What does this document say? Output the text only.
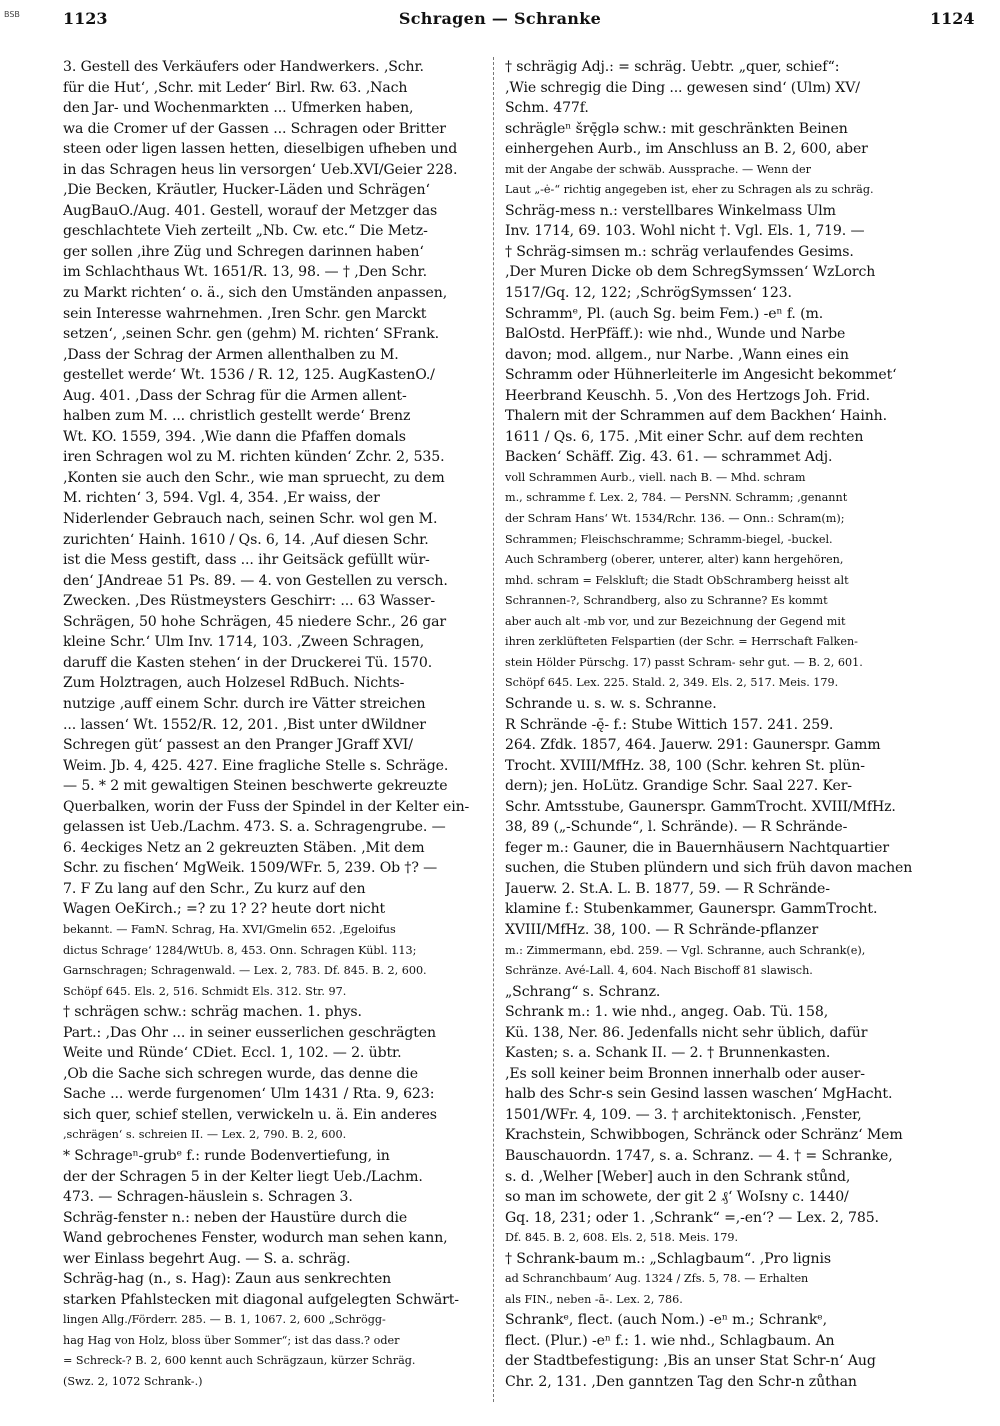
BSB	1123	Schragen — Schranke	1124
3. Gestell des Verkäufers oder Handwerkers. ‚Schr.
für die Hut‘, ‚Schr. mit Leder‘ Birl. Rw. 63. ‚Nach
den Jar- und Wochenmarkten ... Ufmerken haben,
wa die Cromer uf der Gassen ... Schragen oder Britter
steen oder ligen lassen hetten, dieselbigen ufheben und
in das Schragen heus lin versorgen‘ Ueb.XVI/Geier 228.
‚Die Becken, Kräutler, Hucker-Läden und Schrägen‘
AugBauO./Aug. 401. Gestell, worauf der Metzger das
geschlachtete Vieh zerteilt „Nb. Cw. etc.“ Die Metz-
ger sollen ‚ihre Züg und Schregen darinnen haben‘
im Schlachthaus Wt. 1651/R. 13, 98. — † ‚Den Schr.
zu Markt richten‘ o. ä., sich den Umständen anpassen,
sein Interesse wahrnehmen. ‚Iren Schr. gen Marckt
setzen‘, ‚seinen Schr. gen (gehm) M. richten‘ SFrank.
‚Dass der Schrag der Armen allenthalben zu M.
gestellet werde‘ Wt. 1536 / R. 12, 125. AugKastenO./
Aug. 401. ‚Dass der Schrag für die Armen allent-
halben zum M. ... christlich gestellt werde‘ Brenz
Wt. KO. 1559, 394. ‚Wie dann die Pfaffen domals
iren Schragen wol zu M. richten künden‘ Zchr. 2, 535.
‚Konten sie auch den Schr., wie man spruecht, zu dem
M. richten‘ 3, 594. Vgl. 4, 354. ‚Er waiss, der
Niderlender Gebrauch nach, seinen Schr. wol gen M.
zurichten‘ Hainh. 1610 / Qs. 6, 14. ‚Auf diesen Schr.
ist die Mess gestift, dass ... ihr Geitsäck gefüllt wür-
den‘ JAndreae 51 Ps. 89. — 4. von Gestellen zu versch.
Zwecken. ‚Des Rüstmeysters Geschirr: ... 63 Wasser-
Schrägen, 50 hohe Schrägen, 45 niedere Schr., 26 gar
kleine Schr.‘ Ulm Inv. 1714, 103. ‚Zween Schragen,
daruff die Kasten stehen‘ in der Druckerei Tü. 1570.
Zum Holztragen, auch Holzesel RdBuch. Nichts-
nutzige ‚auff einem Schr. durch ire Vätter streichen
... lassen‘ Wt. 1552/R. 12, 201. ‚Bist unter dWildner
Schregen güt‘ passest an den Pranger JGraff XVI/
Weim. Jb. 4, 425. 427. Eine fragliche Stelle s. Schräge.
— 5. * 2 mit gewaltigen Steinen beschwerte gekreuzte
Querbalken, worin der Fuss der Spindel in der Kelter ein-
gelassen ist Ueb./Lachm. 473. S. a. Schragengrube. —
6. 4eckiges Netz an 2 gekreuzten Stäben. ‚Mit dem
Schr. zu fischen‘ MgWeik. 1509/WFr. 5, 239. Ob †? —
7. F Zu lang auf den Schr., Zu kurz auf den
Wagen OeKirch.; =? zu 1? 2? heute dort nicht
bekannt. — FamN. Schrag, Ha. XVI/Gmelin 652. ‚Egeloifus
dictus Schrage‘ 1284/WtUb. 8, 453. Onn. Schragen Kübl. 113;
Garnschragen; Schragenwald. — Lex. 2, 783. Df. 845. B. 2, 600.
Schöpf 645. Els. 2, 516. Schmidt Els. 312. Str. 97.
† schrägen schw.: schräg machen. 1. phys.
Part.: ‚Das Ohr ... in seiner eusserlichen geschrägten
Weite und Ründe‘ CDiet. Eccl. 1, 102. — 2. übtr.
‚Ob die Sache sich schregen wurde, das denne die
Sache ... werde furgenomen‘ Ulm 1431 / Rta. 9, 623:
sich quer, schief stellen, verwickeln u. ä. Ein anderes
‚schrägen‘ s. schreien II. — Lex. 2, 790. B. 2, 600.
* Schrageⁿ-grubᵉ f.: runde Bodenvertiefung, in
der der Schragen 5 in der Kelter liegt Ueb./Lachm.
473. — Schragen-häuslein s. Schragen 3.
Schräg-fenster n.: neben der Haustüre durch die
Wand gebrochenes Fenster, wodurch man sehen kann,
wer Einlass begehrt Aug. — S. a. schräg.
Schräg-hag (n., s. Hag): Zaun aus senkrechten
starken Pfahlstecken mit diagonal aufgelegten Schwärt-
lingen Allg./Förderr. 285. — B. 1, 1067. 2, 600 „Schrögg-
hag Hag von Holz, bloss über Sommer“; ist das dass.? oder
= Schreck-? B. 2, 600 kennt auch Schrägzaun, kürzer Schräg.
(Swz. 2, 1072 Schrank-.)
† schrägig Adj.: = schräg. Uebtr. „quer, schief“:
‚Wie schregig die Ding ... gewesen sind‘ (Ulm) XV/
Schm. 477f.
schrägleⁿ šrę̄glə schw.: mit geschränkten Beinen
einhergehen Aurb., im Anschluss an B. 2, 600, aber
mit der Angabe der schwäb. Aussprache. — Wenn der
Laut „-ė-“ richtig angegeben ist, eher zu Schragen als zu schräg.
Schräg-mess n.: verstellbares Winkelmass Ulm
Inv. 1714, 69. 103. Wohl nicht †. Vgl. Els. 1, 719. —
† Schräg-simsen m.: schräg verlaufendes Gesims.
‚Der Muren Dicke ob dem SchregSymssen‘ WzLorch
1517/Gq. 12, 122; ‚SchrögSymssen‘ 123.
Schrammᵉ, Pl. (auch Sg. beim Fem.) -eⁿ f. (m.
BalOstd. HerPfäff.): wie nhd., Wunde und Narbe
davon; mod. allgem., nur Narbe. ‚Wann eines ein
Schramm oder Hühnerleiterle im Angesicht bekommet‘
Heerbrand Keuschh. 5. ‚Von des Hertzogs Joh. Frid.
Thalern mit der Schrammen auf dem Backhen‘ Hainh.
1611 / Qs. 6, 175. ‚Mit einer Schr. auf dem rechten
Backen‘ Schäff. Zig. 43. 61. — schrammet Adj.
voll Schrammen Aurb., viell. nach B. — Mhd. schram
m., schramme f. Lex. 2, 784. — PersNN. Schramm; ‚genannt
der Schram Hans‘ Wt. 1534/Rchr. 136. — Onn.: Schram(m);
Schrammen; Fleischschramme; Schramm-biegel, -buckel.
Auch Schramberg (oberer, unterer, alter) kann hergehören,
mhd. schram = Felskluft; die Stadt ObSchramberg heisst alt
Schrannen-?, Schrandberg, also zu Schranne? Es kommt
aber auch alt -mb vor, und zur Bezeichnung der Gegend mit
ihren zerklüfteten Felspartien (der Schr. = Herrschaft Falken-
stein Hölder Pürschg. 17) passt Schram- sehr gut. — B. 2, 601.
Schöpf 645. Lex. 225. Stald. 2, 349. Els. 2, 517. Meis. 179.
Schrande u. s. w. s. Schranne.
R Schrände -ę̄- f.: Stube Wittich 157. 241. 259.
264. Zfdk. 1857, 464. Jauerw. 291: Gaunerspr. Gamm
Trocht. XVIII/MfHz. 38, 100 (Schr. kehren St. plün-
dern); jen. HoLütz. Grandige Schr. Saal 227. Ker-
Schr. Amtsstube, Gaunerspr. GammTrocht. XVIII/MfHz.
38, 89 („-Schunde“, l. Schrände). — R Schrände-
feger m.: Gauner, die in Bauernhäusern Nachtquartier
suchen, die Stuben plündern und sich früh davon machen
Jauerw. 2. St.A. L. B. 1877, 59. — R Schrände-
klamine f.: Stubenkammer, Gaunerspr. GammTrocht.
XVIII/MfHz. 38, 100. — R Schrände-pflanzer
m.: Zimmermann, ebd. 259. — Vgl. Schranne, auch Schrank(e),
Schränze. Avé-Lall. 4, 604. Nach Bischoff 81 slawisch.
„Schrang“ s. Schranz.
Schrank m.: 1. wie nhd., angeg. Oab. Tü. 158,
Kü. 138, Ner. 86. Jedenfalls nicht sehr üblich, dafür
Kasten; s. a. Schank II. — 2. † Brunnenkasten.
‚Es soll keiner beim Bronnen innerhalb oder auser-
halb des Schr-s sein Gesind lassen waschen‘ MgHacht.
1501/WFr. 4, 109. — 3. † architektonisch. ‚Fenster,
Krachstein, Schwibbogen, Schränck oder Schränz‘ Mem
Bauschauordn. 1747, s. a. Schranz. — 4. † = Schranke,
s. d. ‚Welher [Weber] auch in den Schrank stůnd,
so man im schowete, der git 2 ₰‘ WoIsny c. 1440/
Gq. 18, 231; oder 1. ‚Schrank“ =,-en‘? — Lex. 2, 785.
Df. 845. B. 2, 608. Els. 2, 518. Meis. 179.
† Schrank-baum m.: „Schlagbaum“. ‚Pro lignis
ad Schranchbaum‘ Aug. 1324 / Zfs. 5, 78. — Erhalten
als FIN., neben -ā-. Lex. 2, 786.
Schrankᵉ, flect. (auch Nom.) -eⁿ m.; Schrankᵉ,
flect. (Plur.) -eⁿ f.: 1. wie nhd., Schlagbaum. An
der Stadtbefestigung: ‚Bis an unser Stat Schr-n‘ Aug
Chr. 2, 131. ‚Den ganntzen Tag den Schr-n zůthan
